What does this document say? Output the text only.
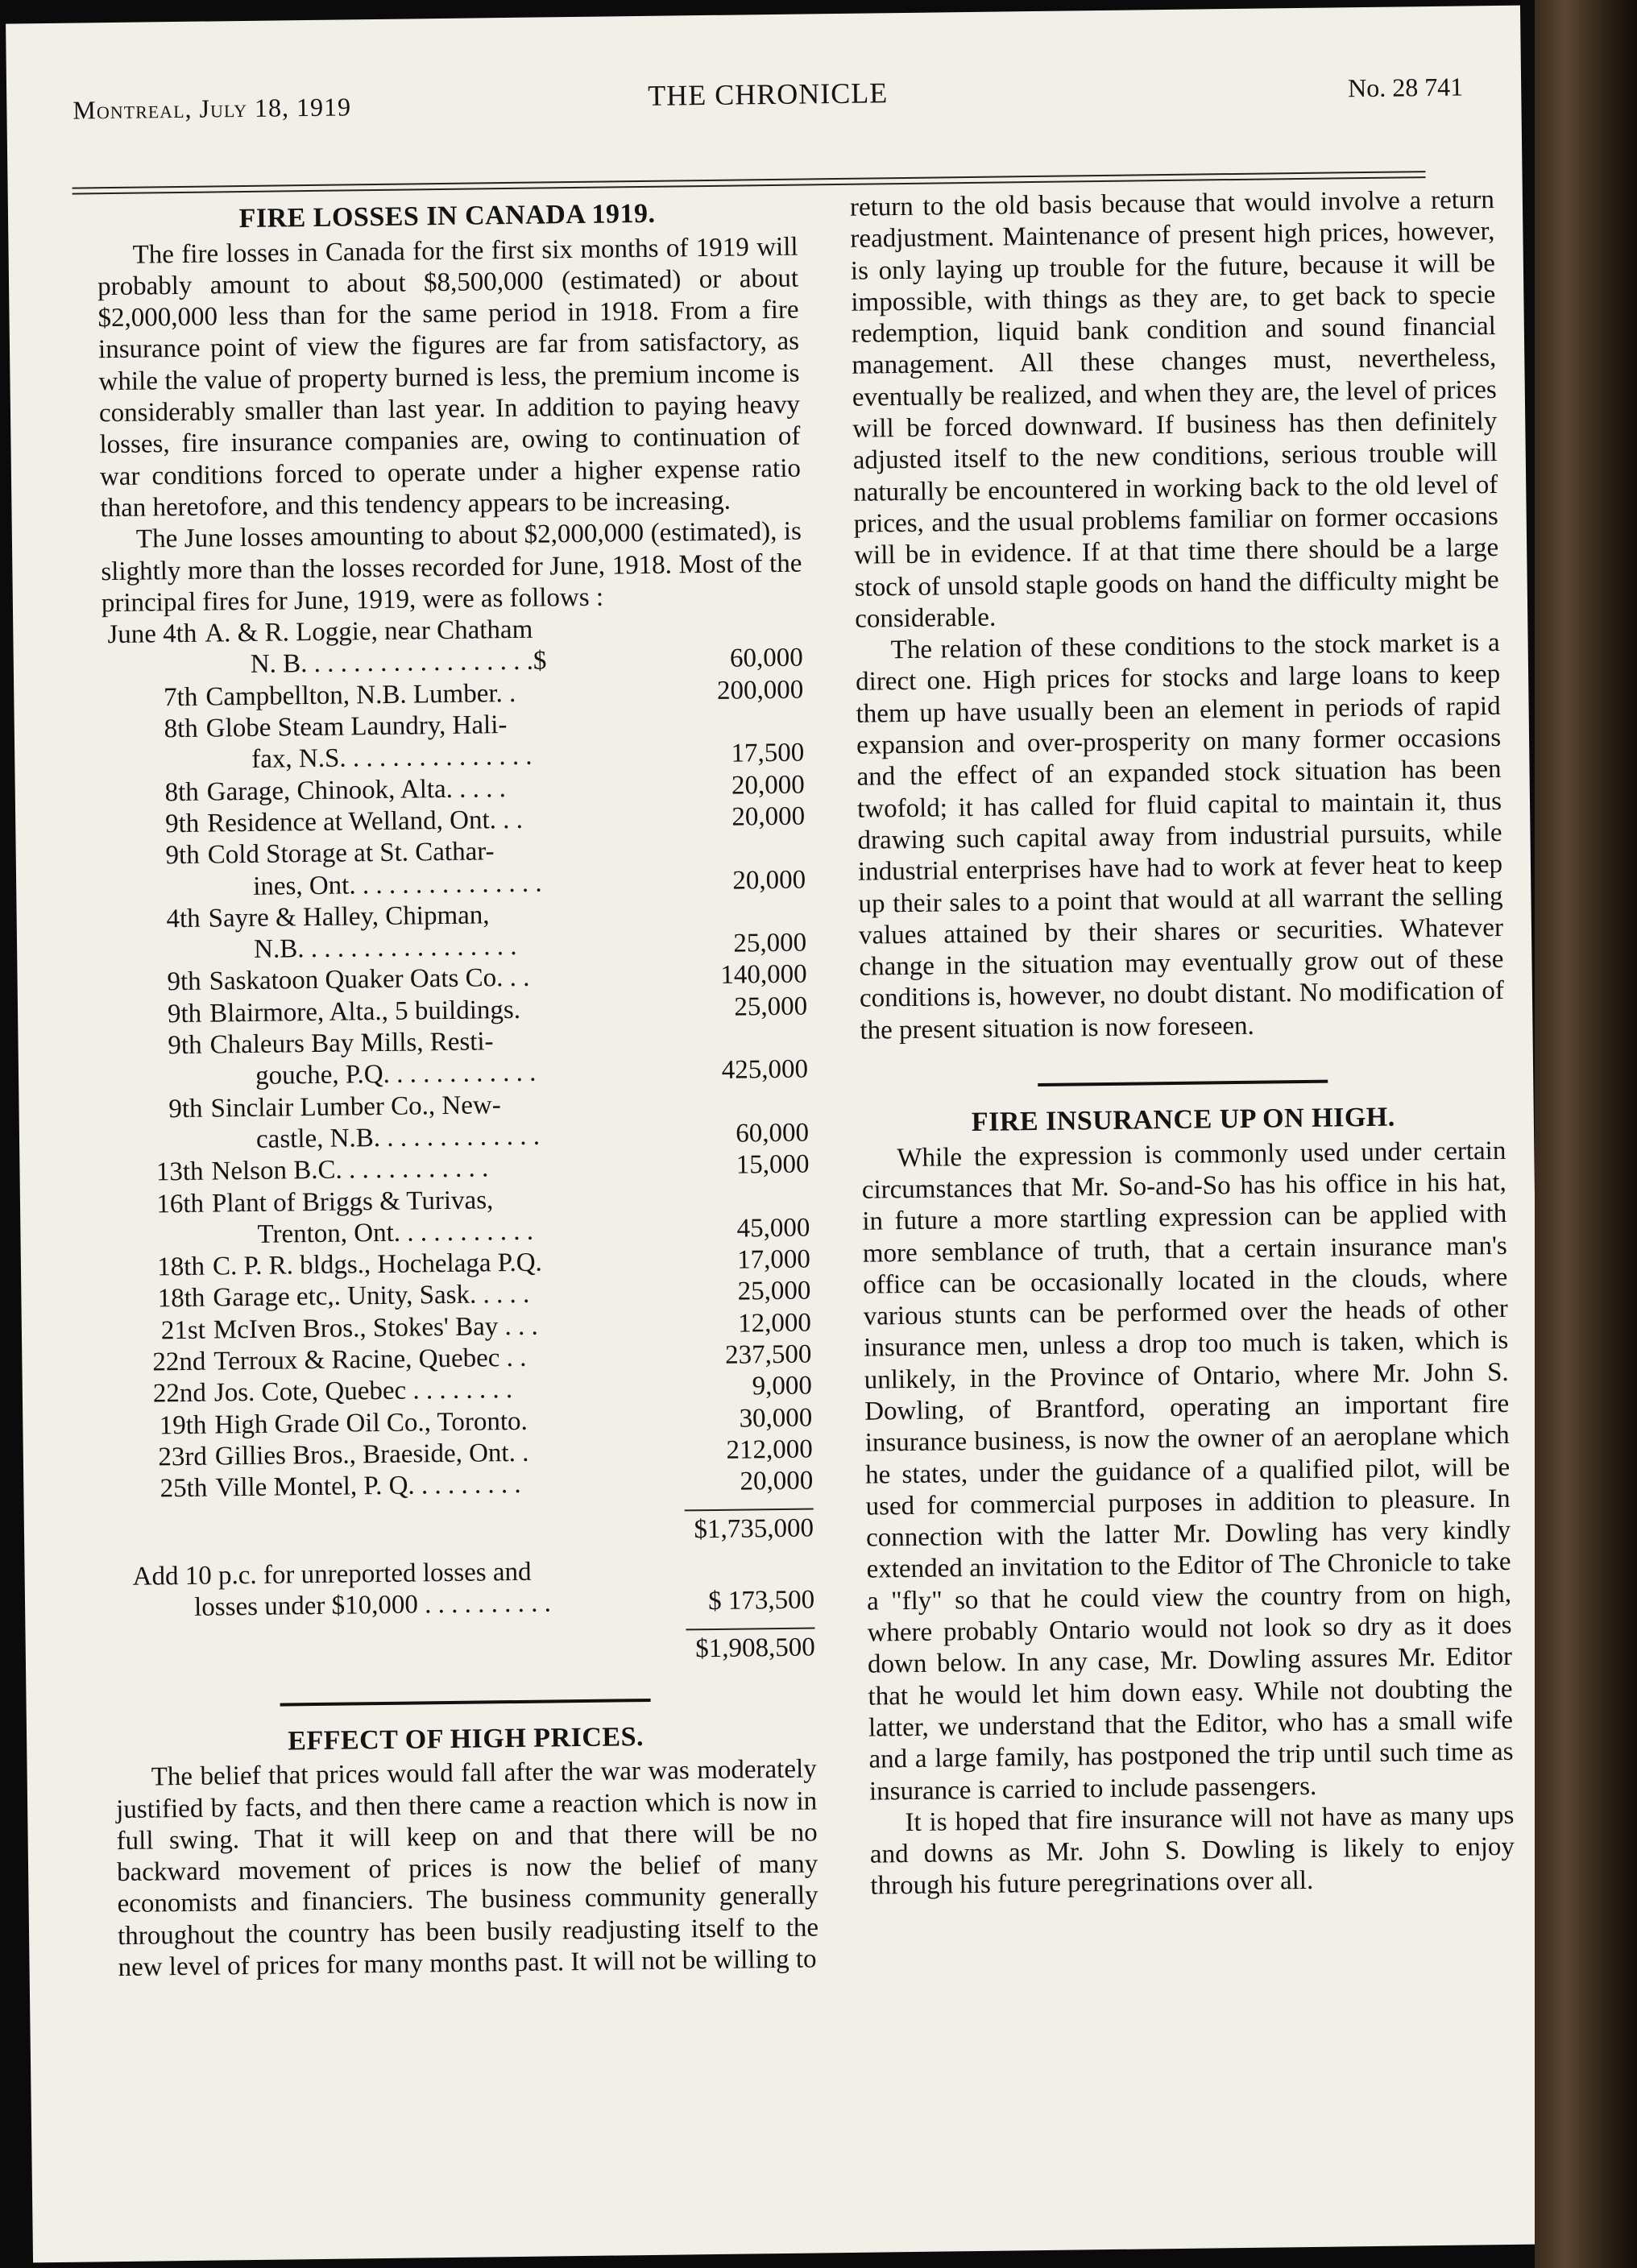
Montreal, July 18, 1919	THE CHRONICLE	No. 28 741
FIRE LOSSES IN CANADA 1919.

The fire losses in Canada for the first six months of 1919 will probably amount to about $8,500,000 (estimated) or about $2,000,000 less than for the same period in 1918. From a fire insurance point of view the figures are far from satisfactory, as while the value of property burned is less, the premium income is considerably smaller than last year. In addition to paying heavy losses, fire insurance companies are, owing to continuation of war conditions forced to operate under a higher expense ratio than heretofore, and this tendency appears to be increasing.

The June losses amounting to about $2,000,000 (estimated), is slightly more than the losses recorded for June, 1918. Most of the principal fires for June, 1919, were as follows :

June 4th A. & R. Loggie, near Chatham
N. B. . . . . . . . . . . . . . . . . .$	60,000
7th Campbellton, N.B. Lumber. .	200,000
8th Globe Steam Laundry, Hali-
fax, N.S. . . . . . . . . . . . . . .	17,500
8th Garage, Chinook, Alta. . . . .	20,000
9th Residence at Welland, Ont. . .	20,000
9th Cold Storage at St. Cathar-
ines, Ont. . . . . . . . . . . . . . .	20,000
4th Sayre & Halley, Chipman,
N.B. . . . . . . . . . . . . . . . .	25,000
9th Saskatoon Quaker Oats Co. . .	140,000
9th Blairmore, Alta., 5 buildings.	25,000
9th Chaleurs Bay Mills, Resti-
gouche, P.Q. . . . . . . . . . . .	425,000
9th Sinclair Lumber Co., New-
castle, N.B. . . . . . . . . . . . .	60,000
13th Nelson B.C. . . . . . . . . . . .	15,000
16th Plant of Briggs & Turivas,
Trenton, Ont. . . . . . . . . . .	45,000
18th C. P. R. bldgs., Hochelaga P.Q.	17,000
18th Garage etc,. Unity, Sask. . . . .	25,000
21st McIven Bros., Stokes' Bay . . .	12,000
22nd Terroux & Racine, Quebec . .	237,500
22nd Jos. Cote, Quebec . . . . . . . .	9,000
19th High Grade Oil Co., Toronto.	30,000
23rd Gillies Bros., Braeside, Ont. .	212,000
25th Ville Montel, P. Q. . . . . . . . .	20,000
$1,735,000
Add 10 p.c. for unreported losses and
losses under $10,000 . . . . . . . . . .	$ 173,500
$1,908,500
EFFECT OF HIGH PRICES.

The belief that prices would fall after the war was moderately justified by facts, and then there came a reaction which is now in full swing. That it will keep on and that there will be no backward movement of prices is now the belief of many economists and financiers. The business community generally throughout the country has been busily readjusting itself to the new level of prices for many months past. It will not be willing to

return to the old basis because that would involve a return readjustment. Maintenance of present high prices, however, is only laying up trouble for the future, because it will be impossible, with things as they are, to get back to specie redemption, liquid bank condition and sound financial management. All these changes must, nevertheless, eventually be realized, and when they are, the level of prices will be forced downward. If business has then definitely adjusted itself to the new conditions, serious trouble will naturally be encountered in working back to the old level of prices, and the usual problems familiar on former occasions will be in evidence. If at that time there should be a large stock of unsold staple goods on hand the difficulty might be considerable.

The relation of these conditions to the stock market is a direct one. High prices for stocks and large loans to keep them up have usually been an element in periods of rapid expansion and over-prosperity on many former occasions and the effect of an expanded stock situation has been twofold; it has called for fluid capital to maintain it, thus drawing such capital away from industrial pursuits, while industrial enterprises have had to work at fever heat to keep up their sales to a point that would at all warrant the selling values attained by their shares or securities. Whatever change in the situation may eventually grow out of these conditions is, however, no doubt distant. No modification of the present situation is now foreseen.

FIRE INSURANCE UP ON HIGH.

While the expression is commonly used under certain circumstances that Mr. So-and-So has his office in his hat, in future a more startling expression can be applied with more semblance of truth, that a certain insurance man's office can be occasionally located in the clouds, where various stunts can be performed over the heads of other insurance men, unless a drop too much is taken, which is unlikely, in the Province of Ontario, where Mr. John S. Dowling, of Brantford, operating an important fire insurance business, is now the owner of an aeroplane which he states, under the guidance of a qualified pilot, will be used for commercial purposes in addition to pleasure. In connection with the latter Mr. Dowling has very kindly extended an invitation to the Editor of The Chronicle to take a "fly" so that he could view the country from on high, where probably Ontario would not look so dry as it does down below. In any case, Mr. Dowling assures Mr. Editor that he would let him down easy. While not doubting the latter, we understand that the Editor, who has a small wife and a large family, has postponed the trip until such time as insurance is carried to include passengers.

It is hoped that fire insurance will not have as many ups and downs as Mr. John S. Dowling is likely to enjoy through his future peregrinations over all.
